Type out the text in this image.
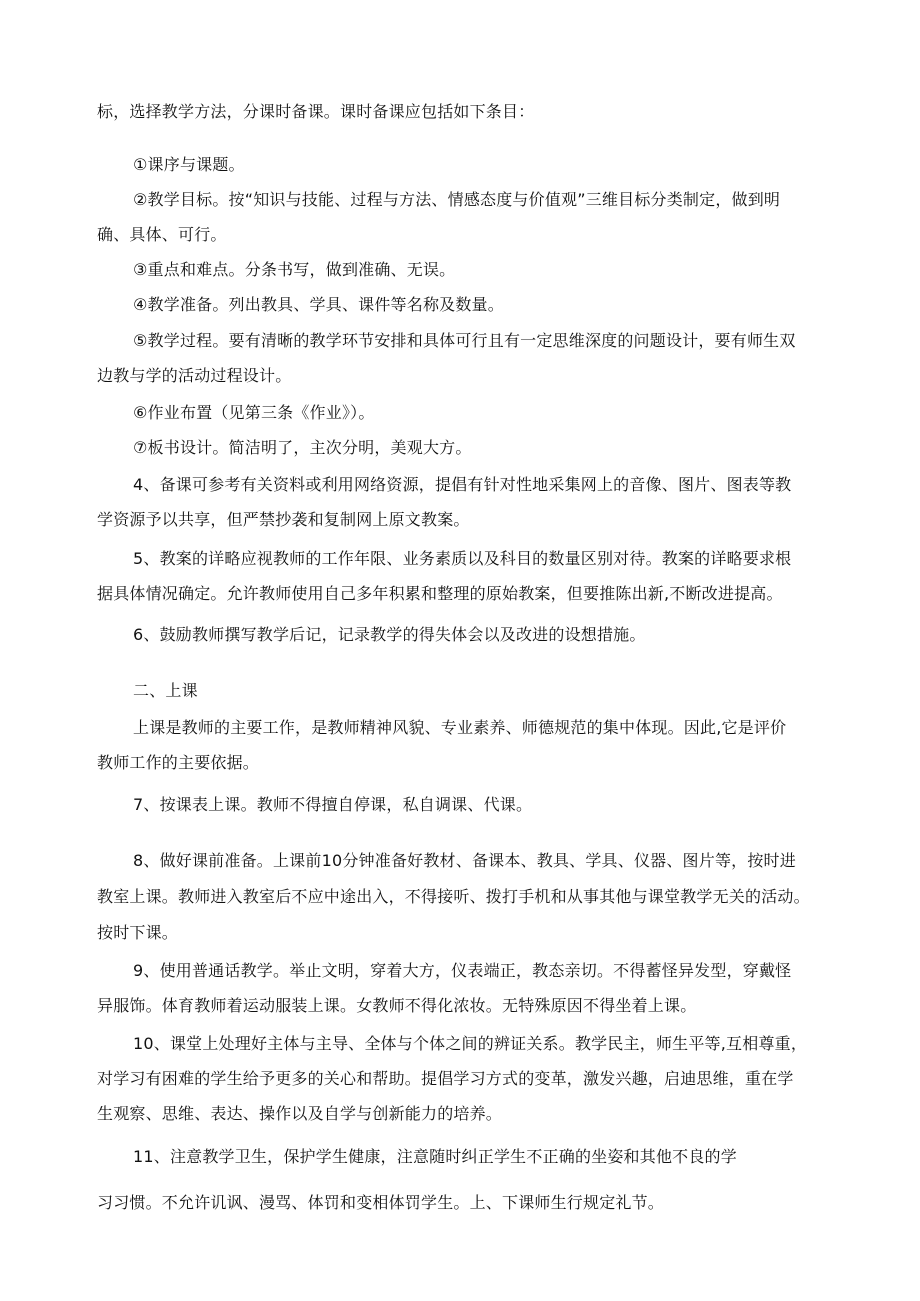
标，选择教学方法，分课时备课。课时备课应包括如下条目：
①课序与课题。
②教学目标。按“知识与技能、过程与方法、情感态度与价值观”三维目标分类制定，做到明
确、具体、可行。
③重点和难点。分条书写，做到准确、无误。
④教学准备。列出教具、学具、课件等名称及数量。
⑤教学过程。要有清晰的教学环节安排和具体可行且有一定思维深度的问题设计，要有师生双
边教与学的活动过程设计。
⑥作业布置（见第三条《作业》）。
⑦板书设计。简洁明了，主次分明，美观大方。
4、备课可参考有关资料或利用网络资源，提倡有针对性地采集网上的音像、图片、图表等教
学资源予以共享，但严禁抄袭和复制网上原文教案。
5、教案的详略应视教师的工作年限、业务素质以及科目的数量区别对待。教案的详略要求根
据具体情况确定。允许教师使用自己多年积累和整理的原始教案，但要推陈出新,不断改进提高。
6、鼓励教师撰写教学后记，记录教学的得失体会以及改进的设想措施。
二、上课
上课是教师的主要工作，是教师精神风貌、专业素养、师德规范的集中体现。因此,它是评价
教师工作的主要依据。
7、按课表上课。教师不得擅自停课，私自调课、代课。
8、做好课前准备。上课前10分钟准备好教材、备课本、教具、学具、仪器、图片等，按时进
教室上课。教师进入教室后不应中途出入，不得接听、拨打手机和从事其他与课堂教学无关的活动。
按时下课。
9、使用普通话教学。举止文明，穿着大方，仪表端正，教态亲切。不得蓄怪异发型，穿戴怪
异服饰。体育教师着运动服装上课。女教师不得化浓妆。无特殊原因不得坐着上课。
10、课堂上处理好主体与主导、全体与个体之间的辨证关系。教学民主，师生平等,互相尊重，
对学习有困难的学生给予更多的关心和帮助。提倡学习方式的变革，激发兴趣，启迪思维，重在学
生观察、思维、表达、操作以及自学与创新能力的培养。
11、注意教学卫生，保护学生健康，注意随时纠正学生不正确的坐姿和其他不良的学
习习惯。不允许讥讽、漫骂、体罚和变相体罚学生。上、下课师生行规定礼节。
